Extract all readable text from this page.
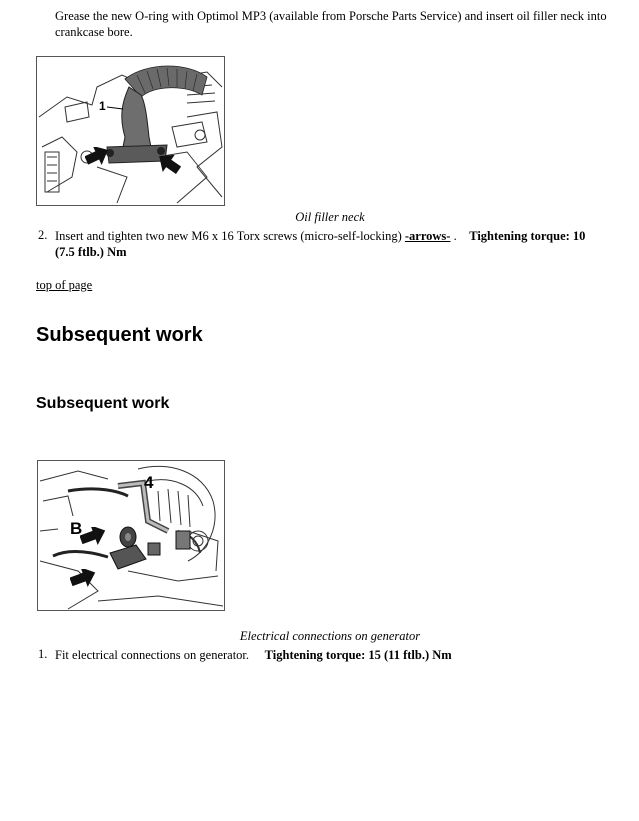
Grease the new O-ring with Optimol MP3 (available from Porsche Parts Service) and insert oil filler neck into crankcase bore.
1
Oil filler neck
2. Insert and tighten two new M6 x 16 Torx screws (micro-self-locking) -arrows- . Tightening torque: 10
(7.5 ftlb.) Nm
top of page
Subsequent work
Subsequent work
4
B
Electrical connections on generator
1. Fit electrical connections on generator. Tightening torque: 15 (11 ftlb.) Nm
